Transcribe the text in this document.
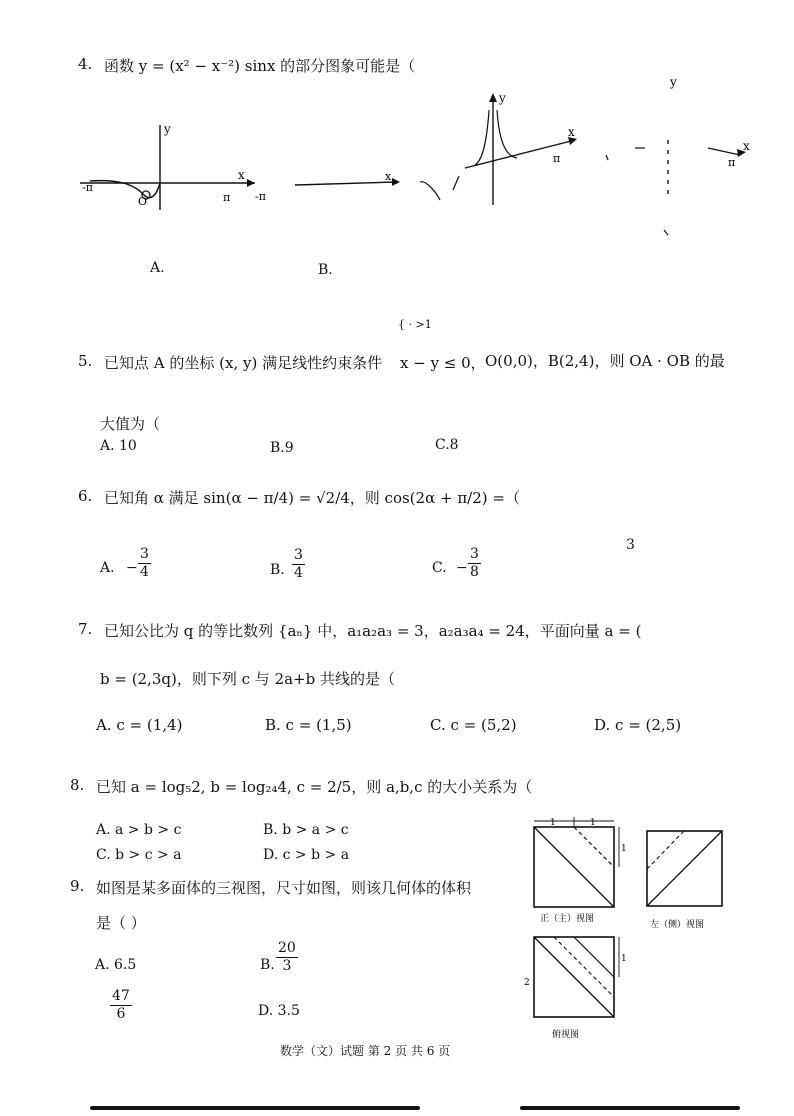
4. 函数 y = (x² − x⁻²) sinx 的部分图象可能是（
y
x
-π
O	π -π
x
y
x
π
y
x
π
A.	B.
{ · >1
5. 已知点 A 的坐标 (x, y) 满足线性约束条件 x − y ≤ 0， O(0,0)，B(2,4)，则 OA · OB 的最
大值为（
A. 10	B.9	C.8
6. 已知角 α 满足 sin(α − π/4) = √2/4，则 cos(2α + π/2) =（
A. − $\frac{3}{4}$	B. $\frac{3}{4}$	C. − $\frac{3}{8}$
3
7. 已知公比为 q 的等比数列 {aₙ} 中，a₁a₂a₃ = 3，a₂a₃a₄ = 24，平面向量 a = (
b = (2,3q)，则下列 c 与 2a+b 共线的是（
A. c = (1,4)	B. c = (1,5)	C. c = (5,2)	D. c = (2,5)
8. 已知 a = log₅2, b = log₂₄4, c = 2/5，则 a,b,c 的大小关系为（
A. a > b > c	B. b > a > c
C. b > c > a	D. c > b > a
9. 如图是某多面体的三视图，尺寸如图，则该几何体的体积
是（ ）
A. 6.5	B. $\frac{20}{3}$
$\frac{47}{6}$	D. 3.5
1	1
1
正（主）视图
左（侧）视图
1
2
俯视图
数学（文）试题 第 2 页 共 6 页
